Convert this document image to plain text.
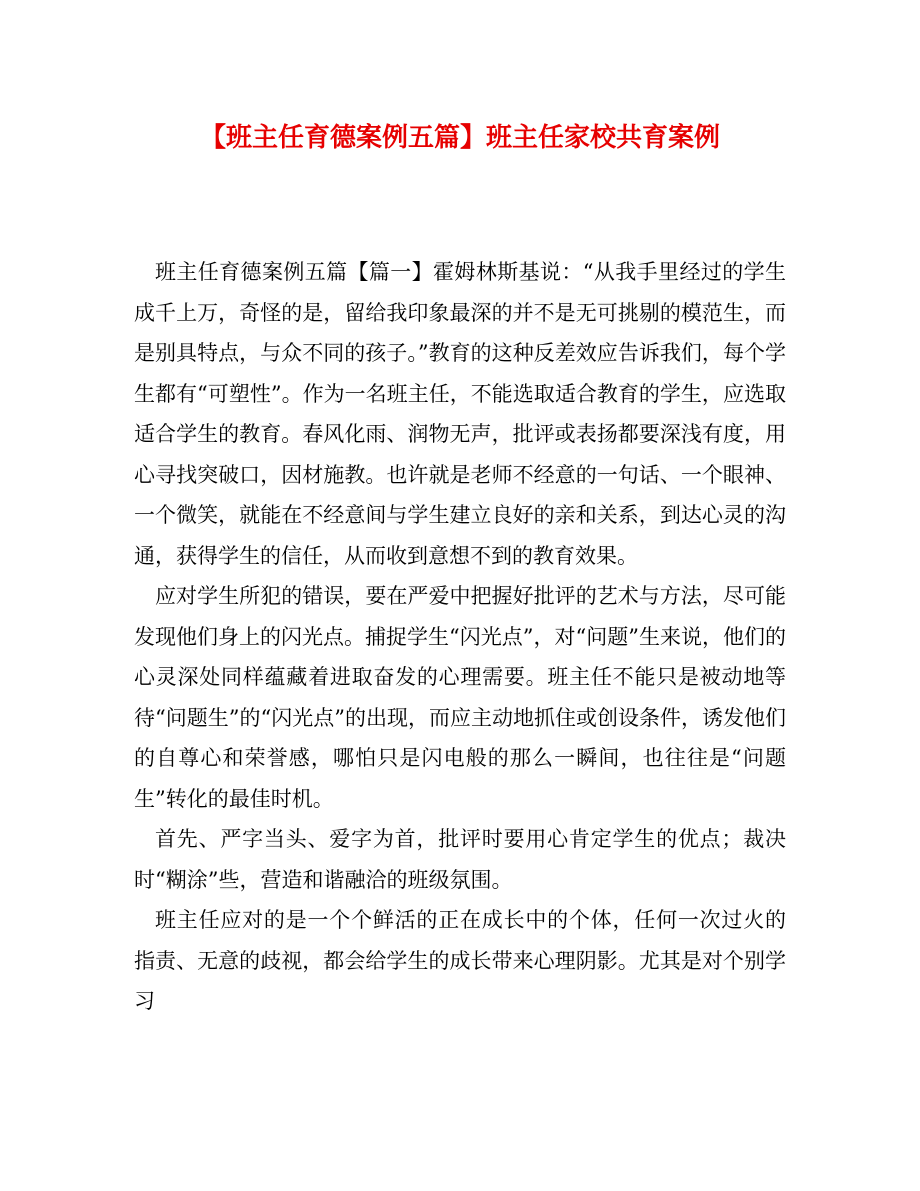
【班主任育德案例五篇】班主任家校共育案例

班主任育德案例五篇【篇一】霍姆林斯基说：“从我手里经过的学生成千上万，奇怪的是，留给我印象最深的并不是无可挑剔的模范生，而是别具特点，与众不同的孩子。”教育的这种反差效应告诉我们，每个学生都有“可塑性”。作为一名班主任，不能选取适合教育的学生，应选取适合学生的教育。春风化雨、润物无声，批评或表扬都要深浅有度，用心寻找突破口，因材施教。也许就是老师不经意的一句话、一个眼神、一个微笑，就能在不经意间与学生建立良好的亲和关系，到达心灵的沟通，获得学生的信任，从而收到意想不到的教育效果。

应对学生所犯的错误，要在严爱中把握好批评的艺术与方法，尽可能发现他们身上的闪光点。捕捉学生“闪光点”，对“问题”生来说，他们的心灵深处同样蕴藏着进取奋发的心理需要。班主任不能只是被动地等待“问题生”的“闪光点”的出现，而应主动地抓住或创设条件，诱发他们的自尊心和荣誉感，哪怕只是闪电般的那么一瞬间，也往往是“问题生”转化的最佳时机。

首先、严字当头、爱字为首，批评时要用心肯定学生的优点；裁决时“糊涂”些，营造和谐融洽的班级氛围。

班主任应对的是一个个鲜活的正在成长中的个体，任何一次过火的 指责、无意的歧视，都会给学生的成长带来心理阴影。尤其是对个别学习
